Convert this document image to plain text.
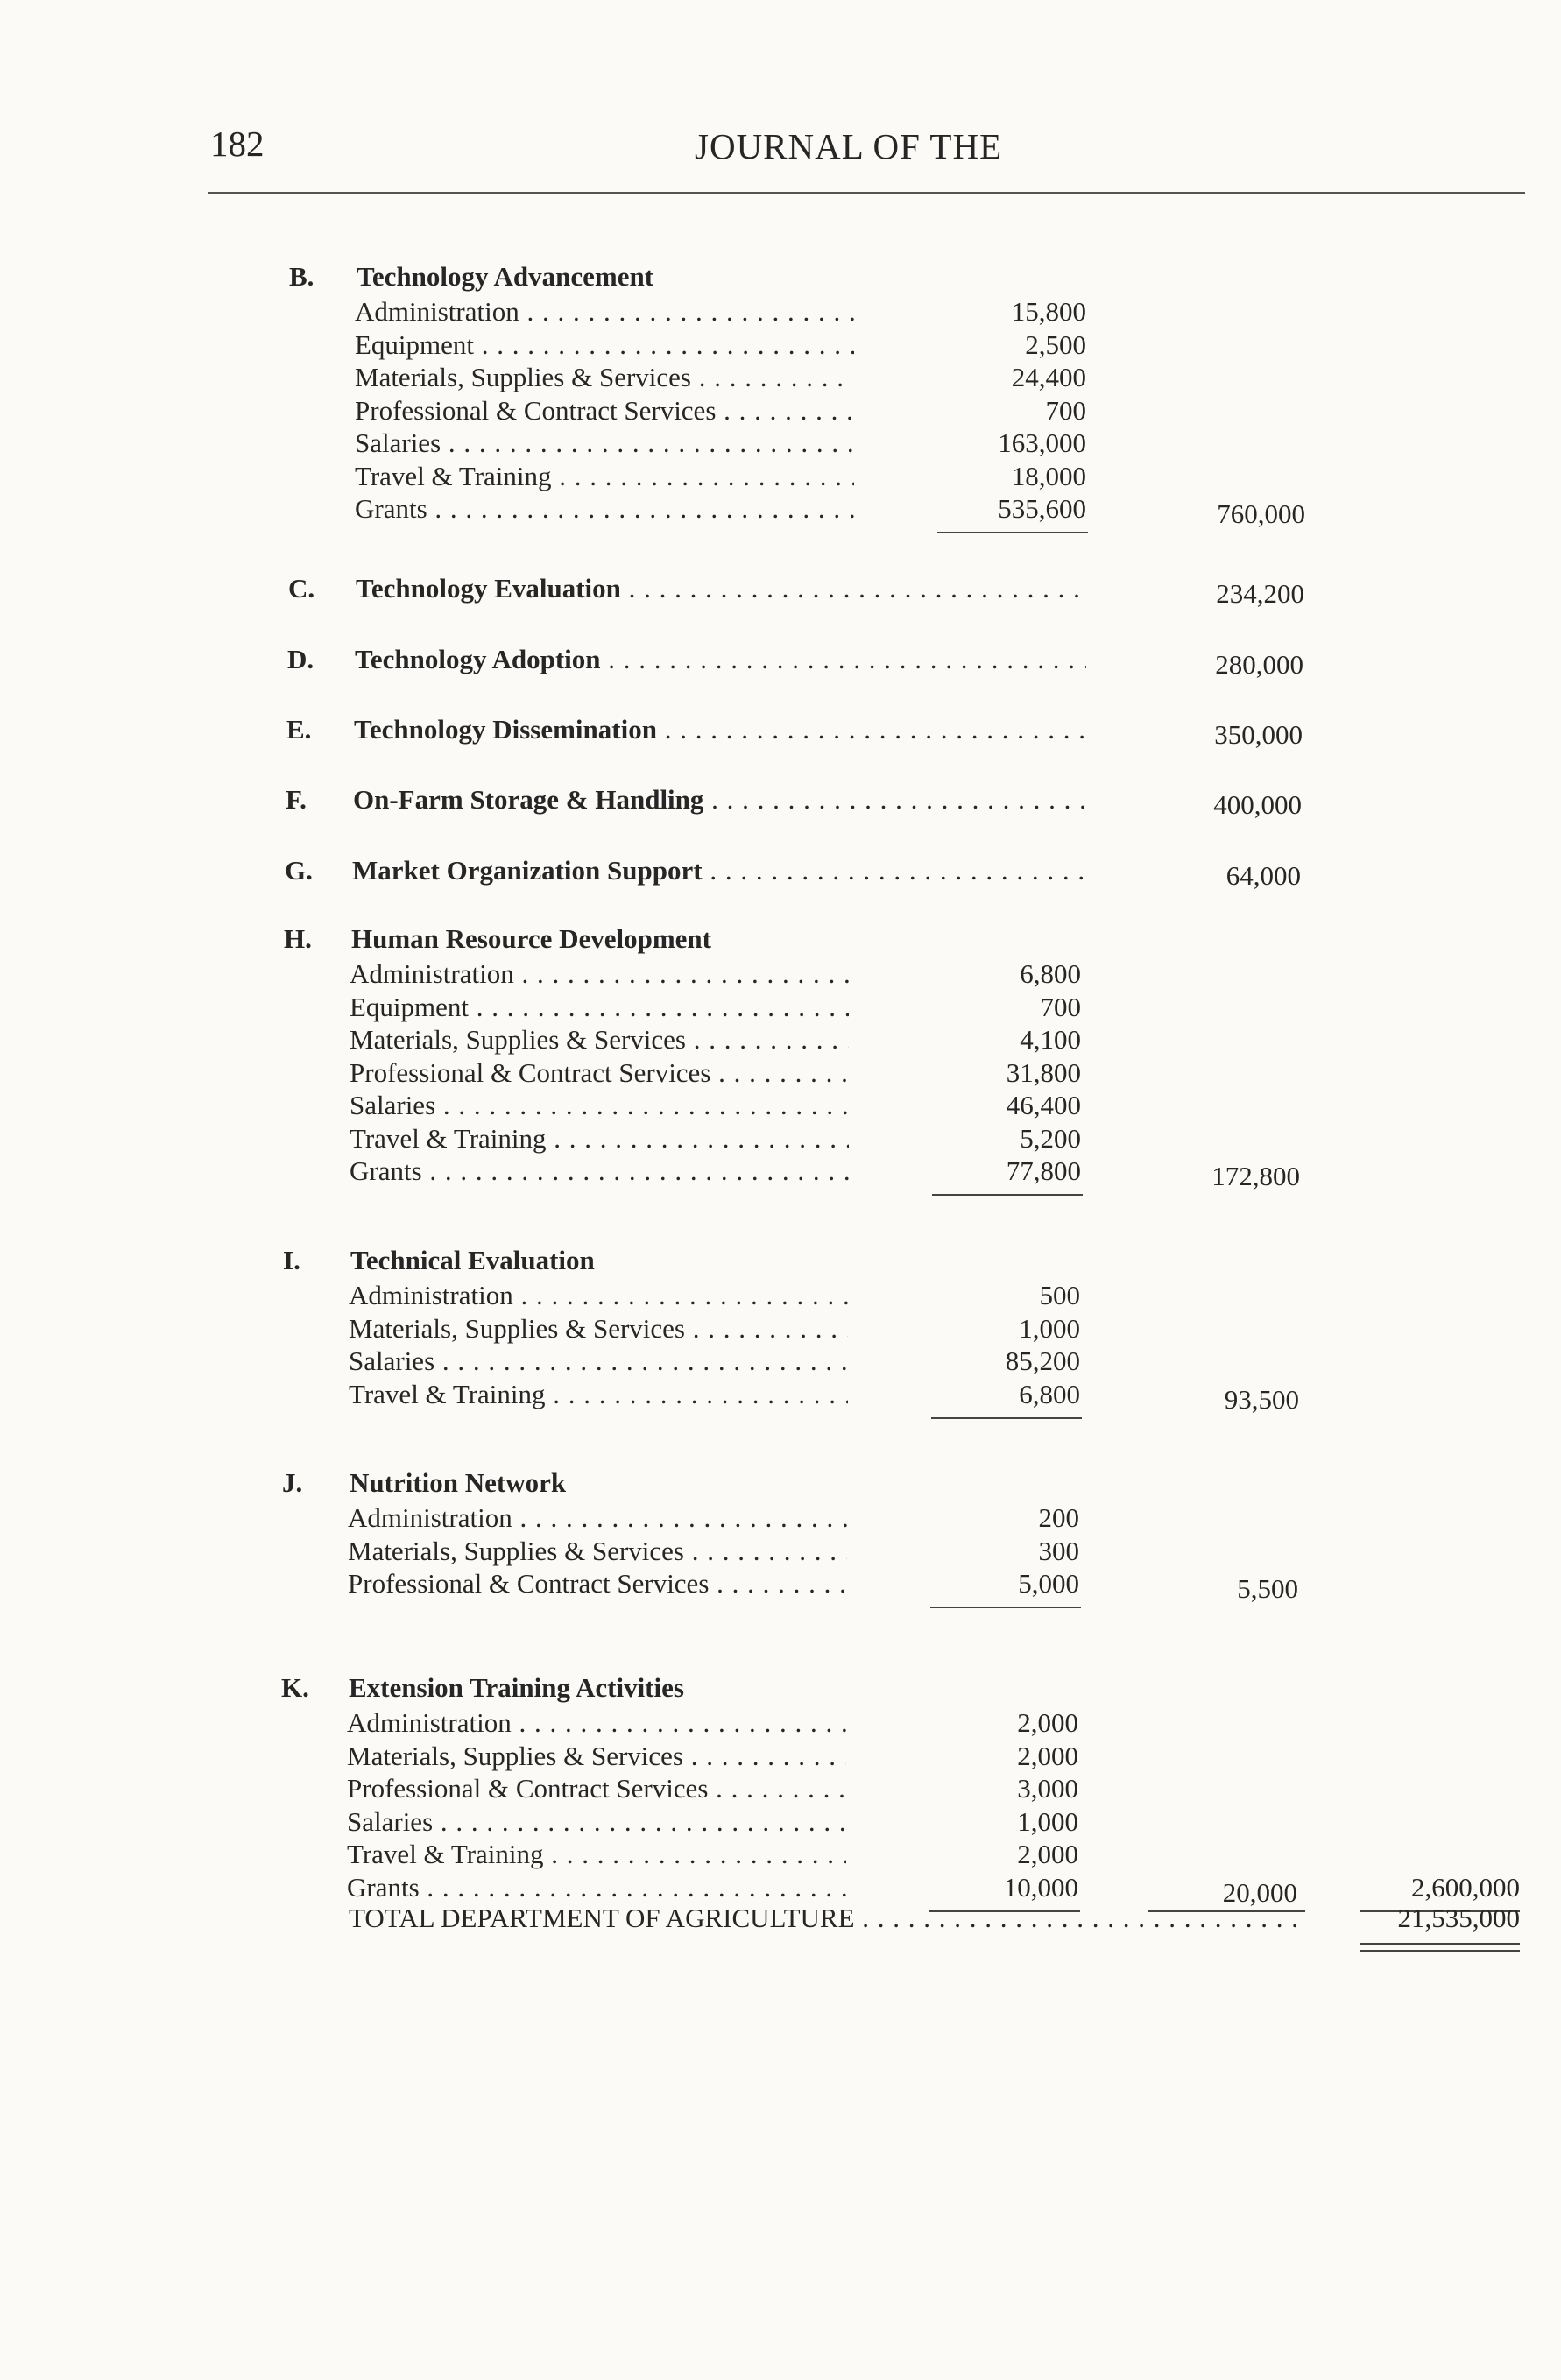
182	JOURNAL OF THE
B. Technology Advancement
Administration . . .	15,800
Equipment . . .	2,500
Materials, Supplies & Services . . .	24,400
Professional & Contract Services . . .	700
Salaries . . .	163,000
Travel & Training . . .	18,000
Grants . . .	535,600	760,000
C. Technology Evaluation . . .	234,200
D. Technology Adoption . . .	280,000
E. Technology Dissemination . . .	350,000
F. On-Farm Storage & Handling . . .	400,000
G. Market Organization Support . . .	64,000
H. Human Resource Development
Administration . . .	6,800
Equipment . . .	700
Materials, Supplies & Services . . .	4,100
Professional & Contract Services . . .	31,800
Salaries . . .	46,400
Travel & Training . . .	5,200
Grants . . .	77,800	172,800
I. Technical Evaluation
Administration . . .	500
Materials, Supplies & Services . . .	1,000
Salaries . . .	85,200
Travel & Training . . .	6,800	93,500
J. Nutrition Network
Administration . . .	200
Materials, Supplies & Services . . .	300
Professional & Contract Services . . .	5,000	5,500
K. Extension Training Activities
Administration . . .	2,000
Materials, Supplies & Services . . .	2,000
Professional & Contract Services . . .	3,000
Salaries . . .	1,000
Travel & Training . . .	2,000
Grants . . .	10,000	20,000	2,600,000
TOTAL DEPARTMENT OF AGRICULTURE . . .	21,535,000
